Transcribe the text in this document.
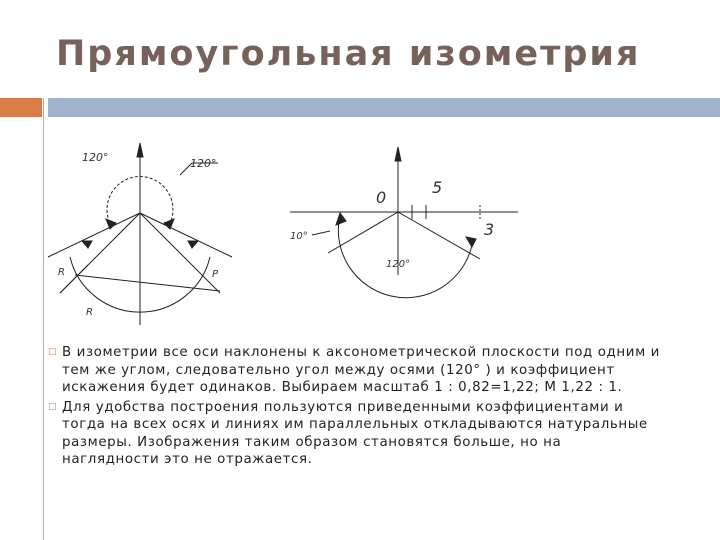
Прямоугольная изометрия
120°	120°
R
R
P
0
5
3
10°
120°
□ В изометрии все оси наклонены к аксонометрической плоскости под одним и
тем же углом, следовательно угол между осями (120° ) и коэффициент
искажения будет одинаков. Выбираем масштаб 1 : 0,82=1,22; М 1,22 : 1.
□ Для удобства построения пользуются приведенными коэффициентами и
тогда на всех осях и линиях им параллельных откладываются натуральные
размеры. Изображения таким образом становятся больше, но на
наглядности это не отражается.
